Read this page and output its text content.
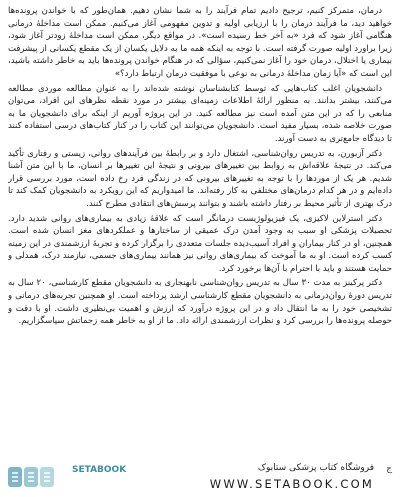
درمان، متمرکز کنیم، ترجیح دادیم تمام فرآیند را به شما نشان دهیم. همان‌طور که با خواندن پرونده‌ها خواهید دید، ما فرآیند درمان را با ارزیابی اولیه و تدوین مفهومی آغاز می‌کنیم. ممکن است مداخلهٔ درمانی هنگامی آغاز شود که فرد «به آخر خط رسیده است». در مواقع دیگر، ممکن است مداخلهٔ زودتر آغاز شود، زیرا براورد اولیه صورت گرفته است. با توجه به اینکه همه ما به دلایل یکسان از یک مقطع یکسانی از پیشرفت بیماری یا اختلال، درمان خود را آغاز نمی‌کنیم، سؤالی که در هنگام خواندن پرونده‌ها باید به خاطر داشته باشید، این است که «آیا زمان مداخلهٔ درمانی به نوعی با موفقیت درمان ارتباط دارد؟»

دانشجویان اغلب کتاب‌هایی که توسط کتابشناسان نوشته شده‌اند را به عنوان مطالعه موردی مطالعه می‌کنند، بیشتر بدانند. به منظور ارائهٔ اطلاعات زمینه‌ای بیشتر در مورد نقطه نظرهای این افراد، می‌توان منابعی را که در این متن آمده است نیز مطالعه کنید. در این پروژه آوریم از اینکه برای دانشجویان ما به صورت خلاصه شده، بسیار مفید است. دانشجویان می‌توانند این کتاب را در کنار کتاب‌های درسی استفاده کنند تا دیدگاه جامع‌تری به دست آورند.

دکتر آزبورن، به تدریس روان‌شناسی، اشتغال دارد و بر رابطهٔ بین فرآیندهای روانی، زیستی و رفتاری تأکید می‌کند. در نتیجهٔ علاقه‌اش به روابط بین تغییرهای بیرونی و نتیجهٔ این تغییرها بر انسان، ما با این متن آشنا شدیم. هر یک از موردها را با توجه به تغییرهای بیرونی که در زندگی فرد رخ داده است، مورد بررسی قرار داده‌ایم و در هر کدام درمان‌های مختلفی به کار رفته‌اند. ما امیدواریم که این رویکرد به دانشجویان کمک کند تا درک بهتری از تأثیر محیط بر رفتار داشته باشند و بتوانند پرسش‌های انتقادی مطرح کنند.

دکتر استرلاین لاکیزی، یک فیزیولوژیست درمانگر است که علاقهٔ زیادی به بیماری‌های روانی شدید دارد. تحصیلات پزشکی او سبب به وجود آمدن درک عمیقی از ساختارها و عملکردهای مغز انسان شده است. همچنین، او در کنار بیماران و افراد آسیب‌دیده جلسات متعددی را برگزار کرده و تجربهٔ ارزشمندی در این زمینه کسب کرده است. او به ما آموخت که بیماری‌های روانی نیز همانند بیماری‌های جسمی، نیازمند درک، همدلی و حمایت هستند و باید با احترام با آن‌ها برخورد کرد.

دکتر پرکینز به مدت ۳۰ سال به تدریس روان‌شناسی نابهنجاری به دانشجویان مقطع کارشناسی، ۲۰ سال به تدریس دورهٔ روان‌درمانی به دانشجویان مقطع کارشناسی ارشد پرداخته است. او همچنین تجربه‌های درمانی و تشخیصی خود را به ما انتقال داد و در این پروژه درآورد که ارزش و اهمیت بی‌نظیری داشت. او با دقت و حوصله پرونده‌ها را بررسی کرد و نظرات ارزشمندی ارائه داد. ما از او به خاطر همه زحماتش سپاسگزاریم.

SETABOOK	فروشگاه کتاب پزشکی ستابوک
WWW.SETABOOK.COM
ج
